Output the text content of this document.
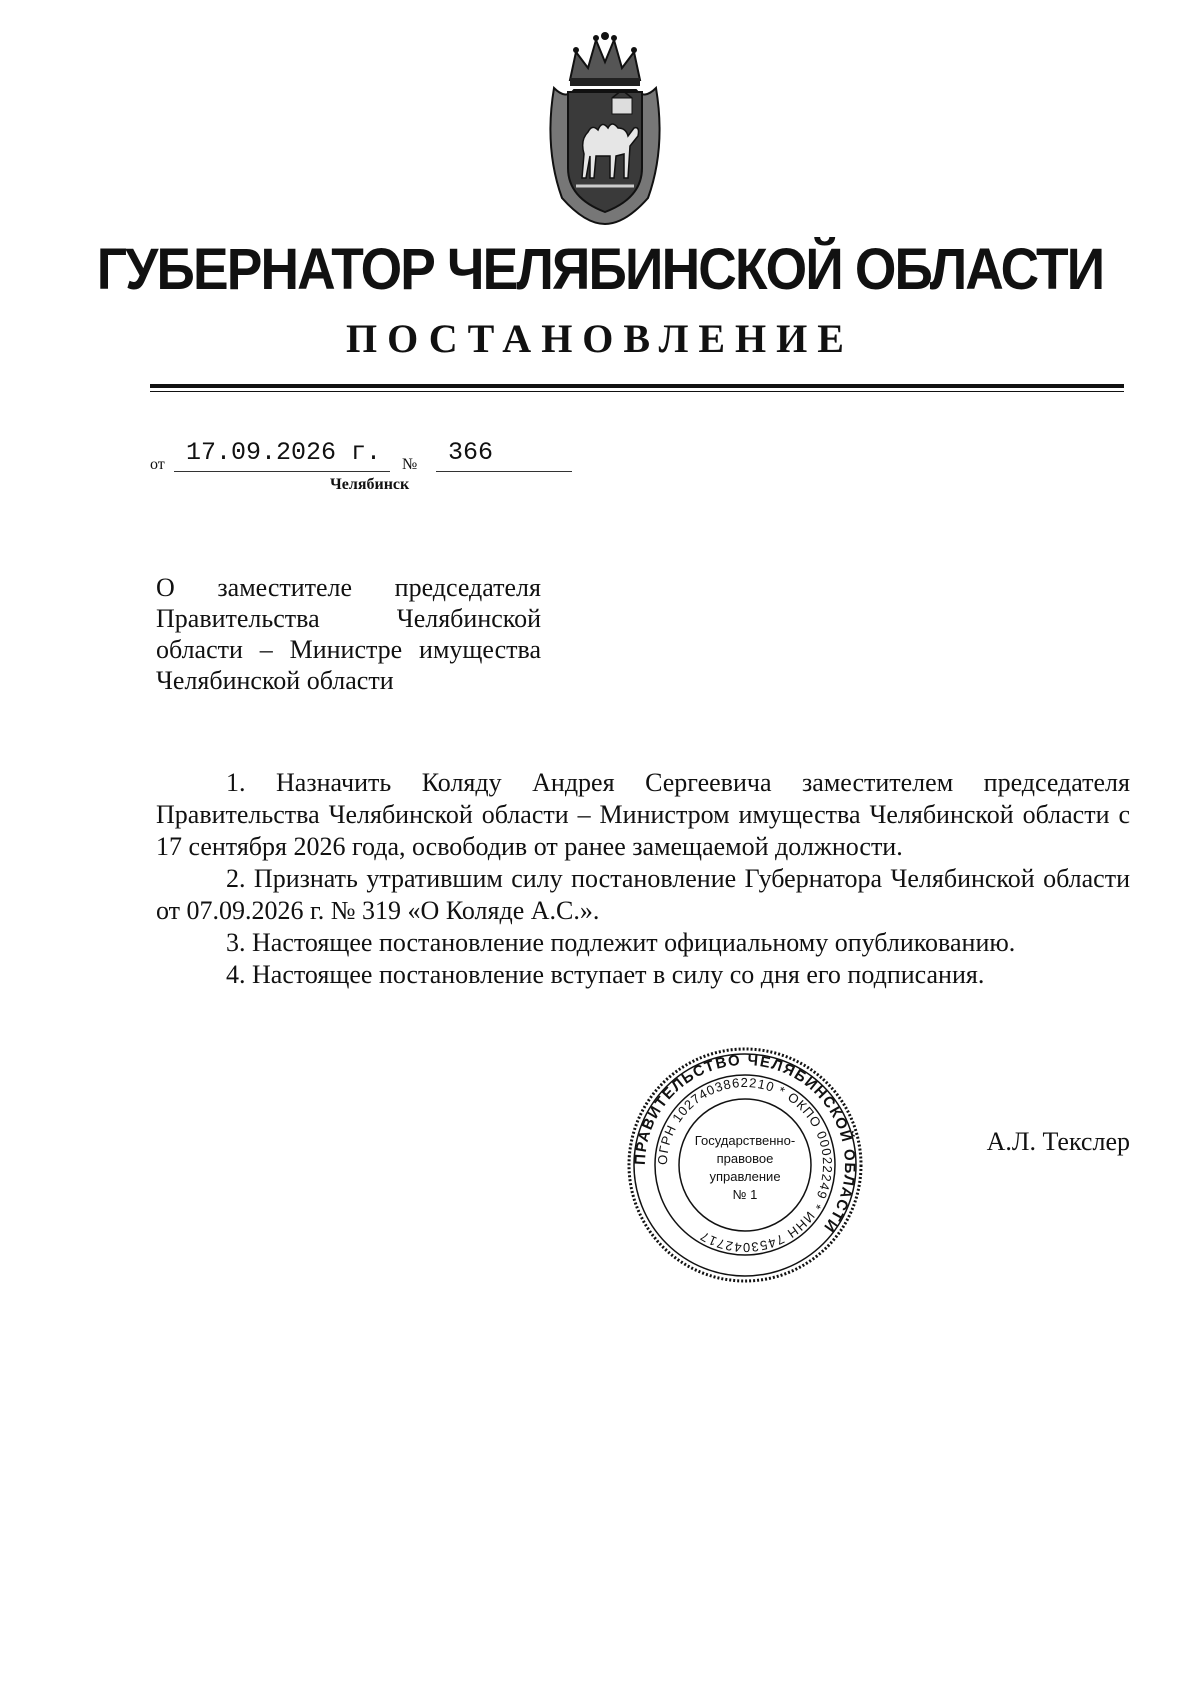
ГУБЕРНАТОР ЧЕЛЯБИНСКОЙ ОБЛАСТИ
ПОСТАНОВЛЕНИЕ
от 17.09.2026 г. № 366
Челябинск
О заместителе председателя
Правительства Челябинской
области – Министре имущества
Челябинской области

1. Назначить Коляду Андрея Сергеевича заместителем председателя Правительства Челябинской области – Министром имущества Челябинской области с 17 сентября 2026 года, освободив от ранее замещаемой должности.

2. Признать утратившим силу постановление Губернатора Челябинской области от 07.09.2026 г. № 319 «О Коляде А.С.».

3. Настоящее постановление подлежит официальному опубликованию.

4. Настоящее постановление вступает в силу со дня его подписания.

ПРАВИТЕЛЬСТВО ЧЕЛЯБИНСКОЙ ОБЛАСТИ
ОГРН 1027403862210 * ОКПО 00022249 * ИНН 7453042717
Государственно-
правовое
управление
№ 1
А.Л. Текслер
